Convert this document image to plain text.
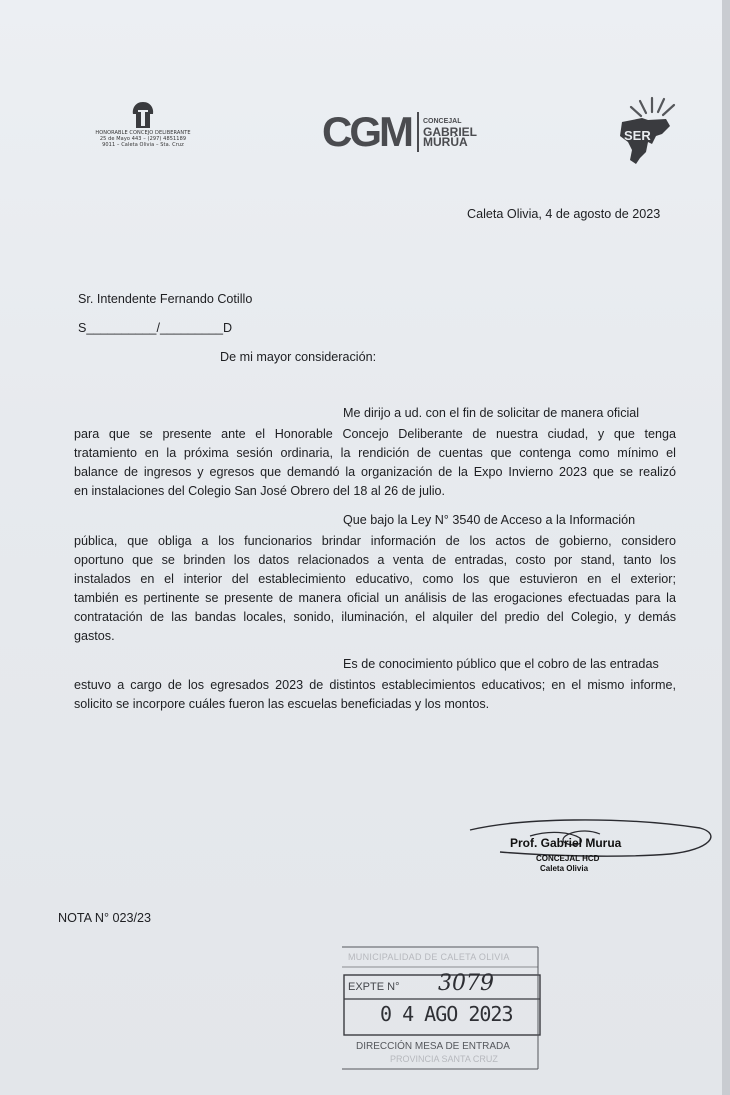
HONORABLE CONCEJO DELIBERANTE
25 de Mayo 443 – (297) 4851189
9011 – Caleta Olivia – Sta. Cruz	CGM CONCEJAL
GABRIEL
MURÚA	SER
Caleta Olivia, 4 de agosto de 2023
Sr. Intendente Fernando Cotillo
S__________/_________D
De mi mayor consideración:
Me dirijo a ud. con el fin de solicitar de manera oficial
para que se presente ante el Honorable Concejo Deliberante de nuestra ciudad, y que tenga
tratamiento en la próxima sesión ordinaria, la rendición de cuentas que contenga como mínimo el
balance de ingresos y egresos que demandó la organización de la Expo Invierno 2023 que se realizó
en instalaciones del Colegio San José Obrero del 18 al 26 de julio.
Que bajo la Ley N° 3540 de Acceso a la Información
pública, que obliga a los funcionarios brindar información de los actos de gobierno, considero
oportuno que se brinden los datos relacionados a venta de entradas, costo por stand, tanto los
instalados en el interior del establecimiento educativo, como los que estuvieron en el exterior;
también es pertinente se presente de manera oficial un análisis de las erogaciones efectuadas para la
contratación de las bandas locales, sonido, iluminación, el alquiler del predio del Colegio, y demás
gastos.
Es de conocimiento público que el cobro de las entradas
estuvo a cargo de los egresados 2023 de distintos establecimientos educativos; en el mismo informe,
solicito se incorpore cuáles fueron las escuelas beneficiadas y los montos.
Prof. Gabriel Murua
CONCEJAL HCD
Caleta Olivia
NOTA N° 023/23
MUNICIPALIDAD DE CALETA OLIVIA
EXPTE N° 3079
0 4 AGO 2023
DIRECCIÓN MESA DE ENTRADA
PROVINCIA SANTA CRUZ
